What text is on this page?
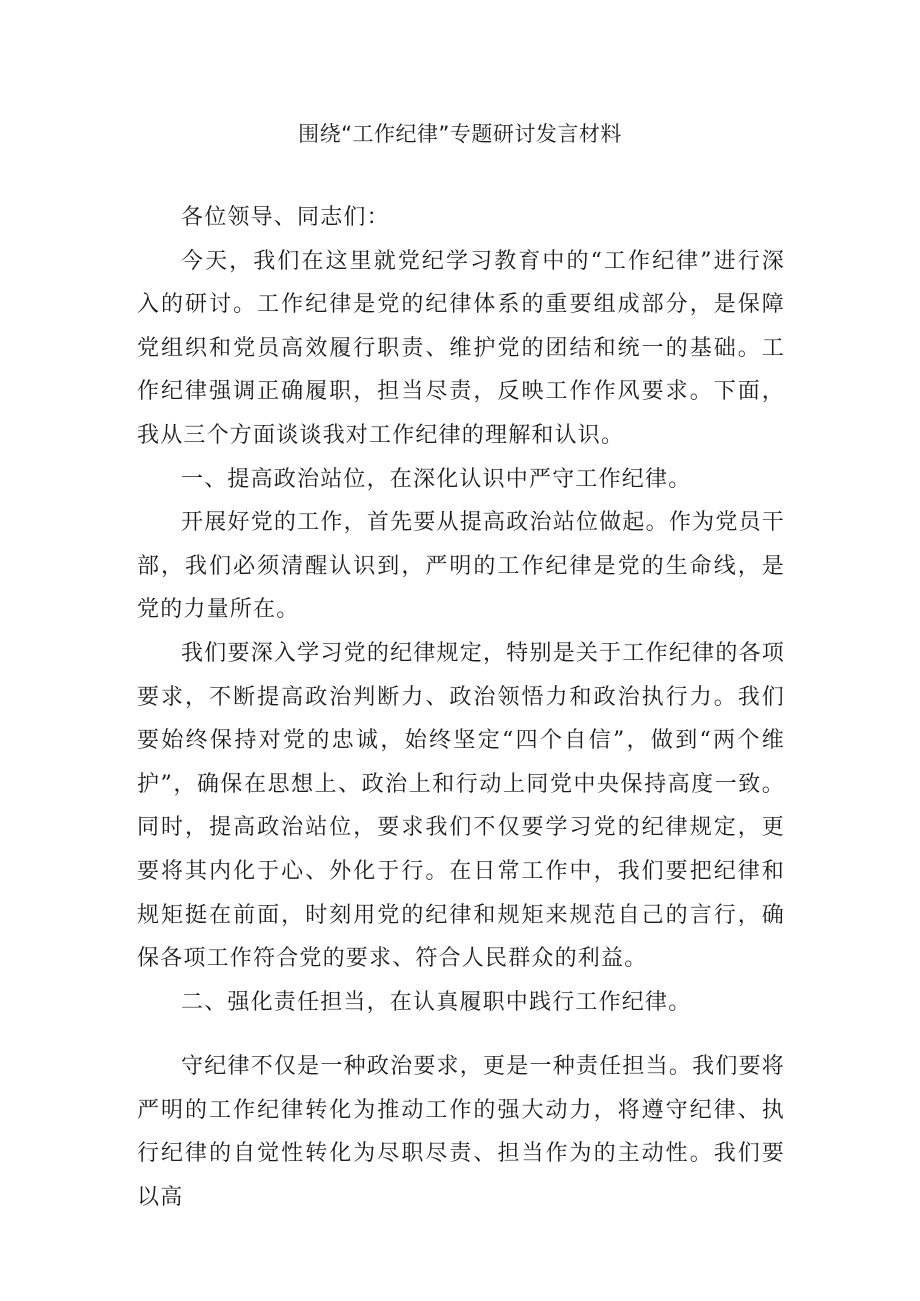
围绕“工作纪律”专题研讨发言材料

各位领导、同志们：

今天，我们在这里就党纪学习教育中的“工作纪律”进行深入的研讨。工作纪律是党的纪律体系的重要组成部分，是保障党组织和党员高效履行职责、维护党的团结和统一的基础。工作纪律强调正确履职，担当尽责，反映工作作风要求。下面，我从三个方面谈谈我对工作纪律的理解和认识。

一、提高政治站位，在深化认识中严守工作纪律。

开展好党的工作，首先要从提高政治站位做起。作为党员干部，我们必须清醒认识到，严明的工作纪律是党的生命线，是党的力量所在。

我们要深入学习党的纪律规定，特别是关于工作纪律的各项要求，不断提高政治判断力、政治领悟力和政治执行力。我们要始终保持对党的忠诚，始终坚定“四个自信”，做到“两个维护”，确保在思想上、政治上和行动上同党中央保持高度一致。同时，提高政治站位，要求我们不仅要学习党的纪律规定，更要将其内化于心、外化于行。在日常工作中，我们要把纪律和规矩挺在前面，时刻用党的纪律和规矩来规范自己的言行，确保各项工作符合党的要求、符合人民群众的利益。

二、强化责任担当，在认真履职中践行工作纪律。

守纪律不仅是一种政治要求，更是一种责任担当。我们要将严明的工作纪律转化为推动工作的强大动力，将遵守纪律、执行纪律的自觉性转化为尽职尽责、担当作为的主动性。我们要以高
